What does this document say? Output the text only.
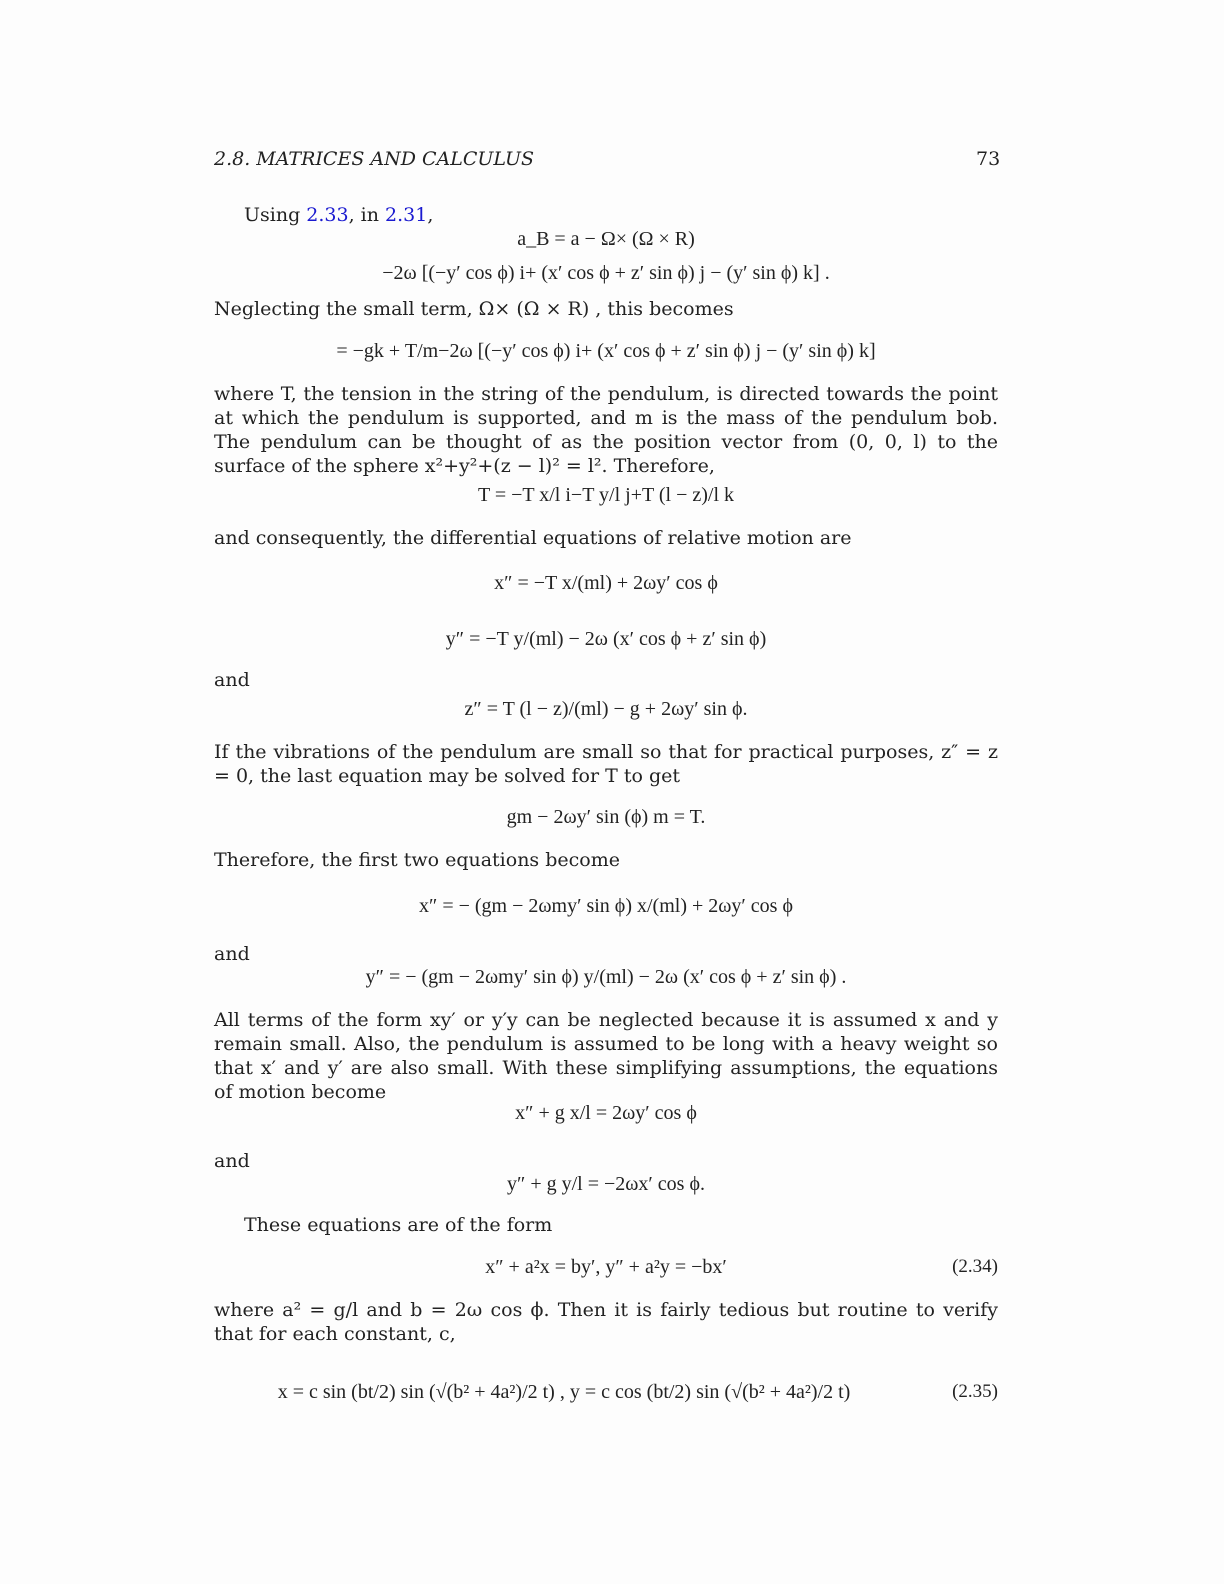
2.8. MATRICES AND CALCULUS	73
Using 2.33, in 2.31,
a_B = a − Ω× (Ω × R)
−2ω [(−y′ cos ϕ) i+ (x′ cos ϕ + z′ sin ϕ) j − (y′ sin ϕ) k] .
Neglecting the small term, Ω× (Ω × R) , this becomes
= −gk + T/m−2ω [(−y′ cos ϕ) i+ (x′ cos ϕ + z′ sin ϕ) j − (y′ sin ϕ) k]

where T, the tension in the string of the pendulum, is directed towards the point at which the pendulum is supported, and m is the mass of the pendulum bob. The pendulum can be thought of as the position vector from (0, 0, l) to the surface of the sphere x²+y²+(z − l)² = l². Therefore,

T = −T x/l i−T y/l j+T (l − z)/l k
and consequently, the differential equations of relative motion are
x″ = −T x/(ml) + 2ωy′ cos ϕ
y″ = −T y/(ml) − 2ω (x′ cos ϕ + z′ sin ϕ)
and
z″ = T (l − z)/(ml) − g + 2ωy′ sin ϕ.

If the vibrations of the pendulum are small so that for practical purposes, z″ = z = 0, the last equation may be solved for T to get

gm − 2ωy′ sin (ϕ) m = T.
Therefore, the first two equations become
x″ = − (gm − 2ωmy′ sin ϕ) x/(ml) + 2ωy′ cos ϕ
and
y″ = − (gm − 2ωmy′ sin ϕ) y/(ml) − 2ω (x′ cos ϕ + z′ sin ϕ) .

All terms of the form xy′ or y′y can be neglected because it is assumed x and y remain small. Also, the pendulum is assumed to be long with a heavy weight so that x′ and y′ are also small. With these simplifying assumptions, the equations of motion become

x″ + g x/l = 2ωy′ cos ϕ
and
y″ + g y/l = −2ωx′ cos ϕ.
These equations are of the form
x″ + a²x = by′, y″ + a²y = −bx′	(2.34)

where a² = g/l and b = 2ω cos ϕ. Then it is fairly tedious but routine to verify that for each constant, c,

x = c sin (bt/2) sin (√(b² + 4a²)/2 t) , y = c cos (bt/2) sin (√(b² + 4a²)/2 t)	(2.35)
